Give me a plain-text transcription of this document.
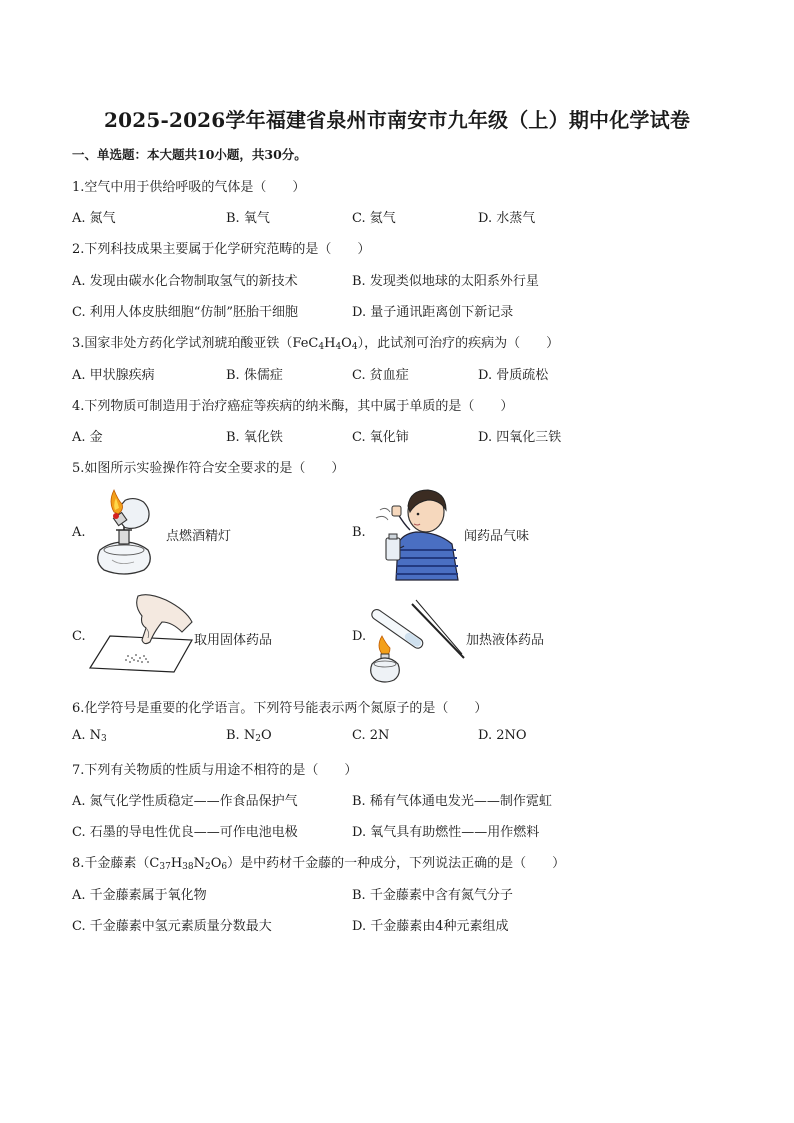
2025-2026学年福建省泉州市南安市九年级（上）期中化学试卷
一、单选题：本大题共10小题，共30分。
1.空气中用于供给呼吸的气体是（　　）
A. 氮气	B. 氧气	C. 氦气	D. 水蒸气
2.下列科技成果主要属于化学研究范畴的是（　　）
A. 发现由碳水化合物制取氢气的新技术	B. 发现类似地球的太阳系外行星
C. 利用人体皮肤细胞“仿制”胚胎干细胞	D. 量子通讯距离创下新记录
3.国家非处方药化学试剂琥珀酸亚铁$(FeC_4H_4O_4)$，此试剂可治疗的疾病为（　　）
A. 甲状腺疾病	B. 侏儒症	C. 贫血症	D. 骨质疏松
4.下列物质可制造用于治疗癌症等疾病的纳米酶，其中属于单质的是（　　）
A. 金	B. 氧化铁	C. 氧化铈	D. 四氧化三铁
5.如图所示实验操作符合安全要求的是（　　）
A.	点燃酒精灯	B.	闻药品气味
C.	取用固体药品	D.	加热液体药品
6.化学符号是重要的化学语言。下列符号能表示两个氮原子的是（　　）
A. $N_3$	B. $N_2O$	C. 2N	D. 2NO
7.下列有关物质的性质与用途不相符的是（　　）
A. 氮气化学性质稳定——作食品保护气	B. 稀有气体通电发光——制作霓虹
C. 石墨的导电性优良——可作电池电极	D. 氧气具有助燃性——用作燃料
8.千金藤素$(C_{37}H_{38}N_2O_6)$是中药材千金藤的一种成分，下列说法正确的是（　　）
A. 千金藤素属于氧化物	B. 千金藤素中含有氮气分子
C. 千金藤素中氢元素质量分数最大	D. 千金藤素由4种元素组成
